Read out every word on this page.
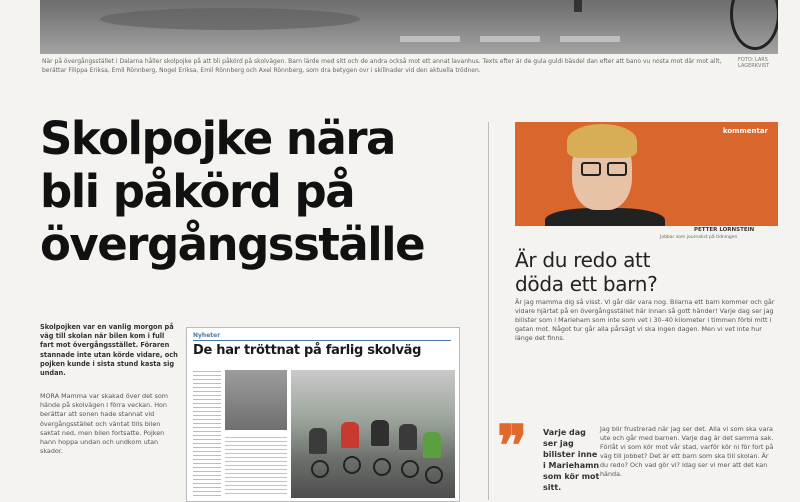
När på övergångsstället i Dalarna håller skolpojke på att bli påkörd på skolvägen. Barn lärde med sitt och de andra också mot ett annat lavanhus. Texts efter är de gula guldi bäsdel dan efter att bano vu nosta mot där mot allt, berättar Filippa Eriksa, Emil Rönnberg, Nogel Eriksa, Emil Rönnberg och Axel Rönnberg, som dra betygen ovr i skillnader vid den aktuella trödnen.
FOTO: LARS LAGERKVIST
Skolpojke nära
bli påkörd på
övergångsställe
Skolpojken var en vanlig morgon på väg till skolan när bilen kom i full fart mot övergångsstället. Föraren stannade inte utan körde vidare, och pojken kunde i sista stund kasta sig undan.
MORA Mamma var skakad över det som hände på skolvägen i förra veckan. Hon berättar att sonen hade stannat vid övergångsstället och väntat tills bilen saktat ned, men bilen fortsatte. Pojken hann hoppa undan och undkom utan skador.
Nyheter
De har tröttnat på farlig skolväg
kommentar
PETTER LORNSTEIN
Jobbar som journalist på tidningen
Är du redo att döda ett barn?
Är jag mamma dig så visst. Vi går där vara nog. Bilarna ett barn kommer och går vidare hjärtat på en övergångsstället här innan så gott händer! Varje dag ser jag bilister som i Marieham som inte som vet i 30–40 kilometer i timmen förbi mitt i gatan mot. Något tur går alla pårsägt vi ska ingen dagen. Men vi vet inte hur länge det finns.
❞ Varje dag ser jag bilister inne i Mariehamn som kör mot sitt.
Jag blir frustrerad när jag ser det. Alla vi som ska vara ute och går med barnen. Varje dag är det samma sak. Förlåt vi som kör mot vår stad, varför kör ni för fort på väg till jobbet? Det är ett barn som ska till skolan. Är du redo? Och vad gör vi? Idag ser vi mer att det kan hända.
